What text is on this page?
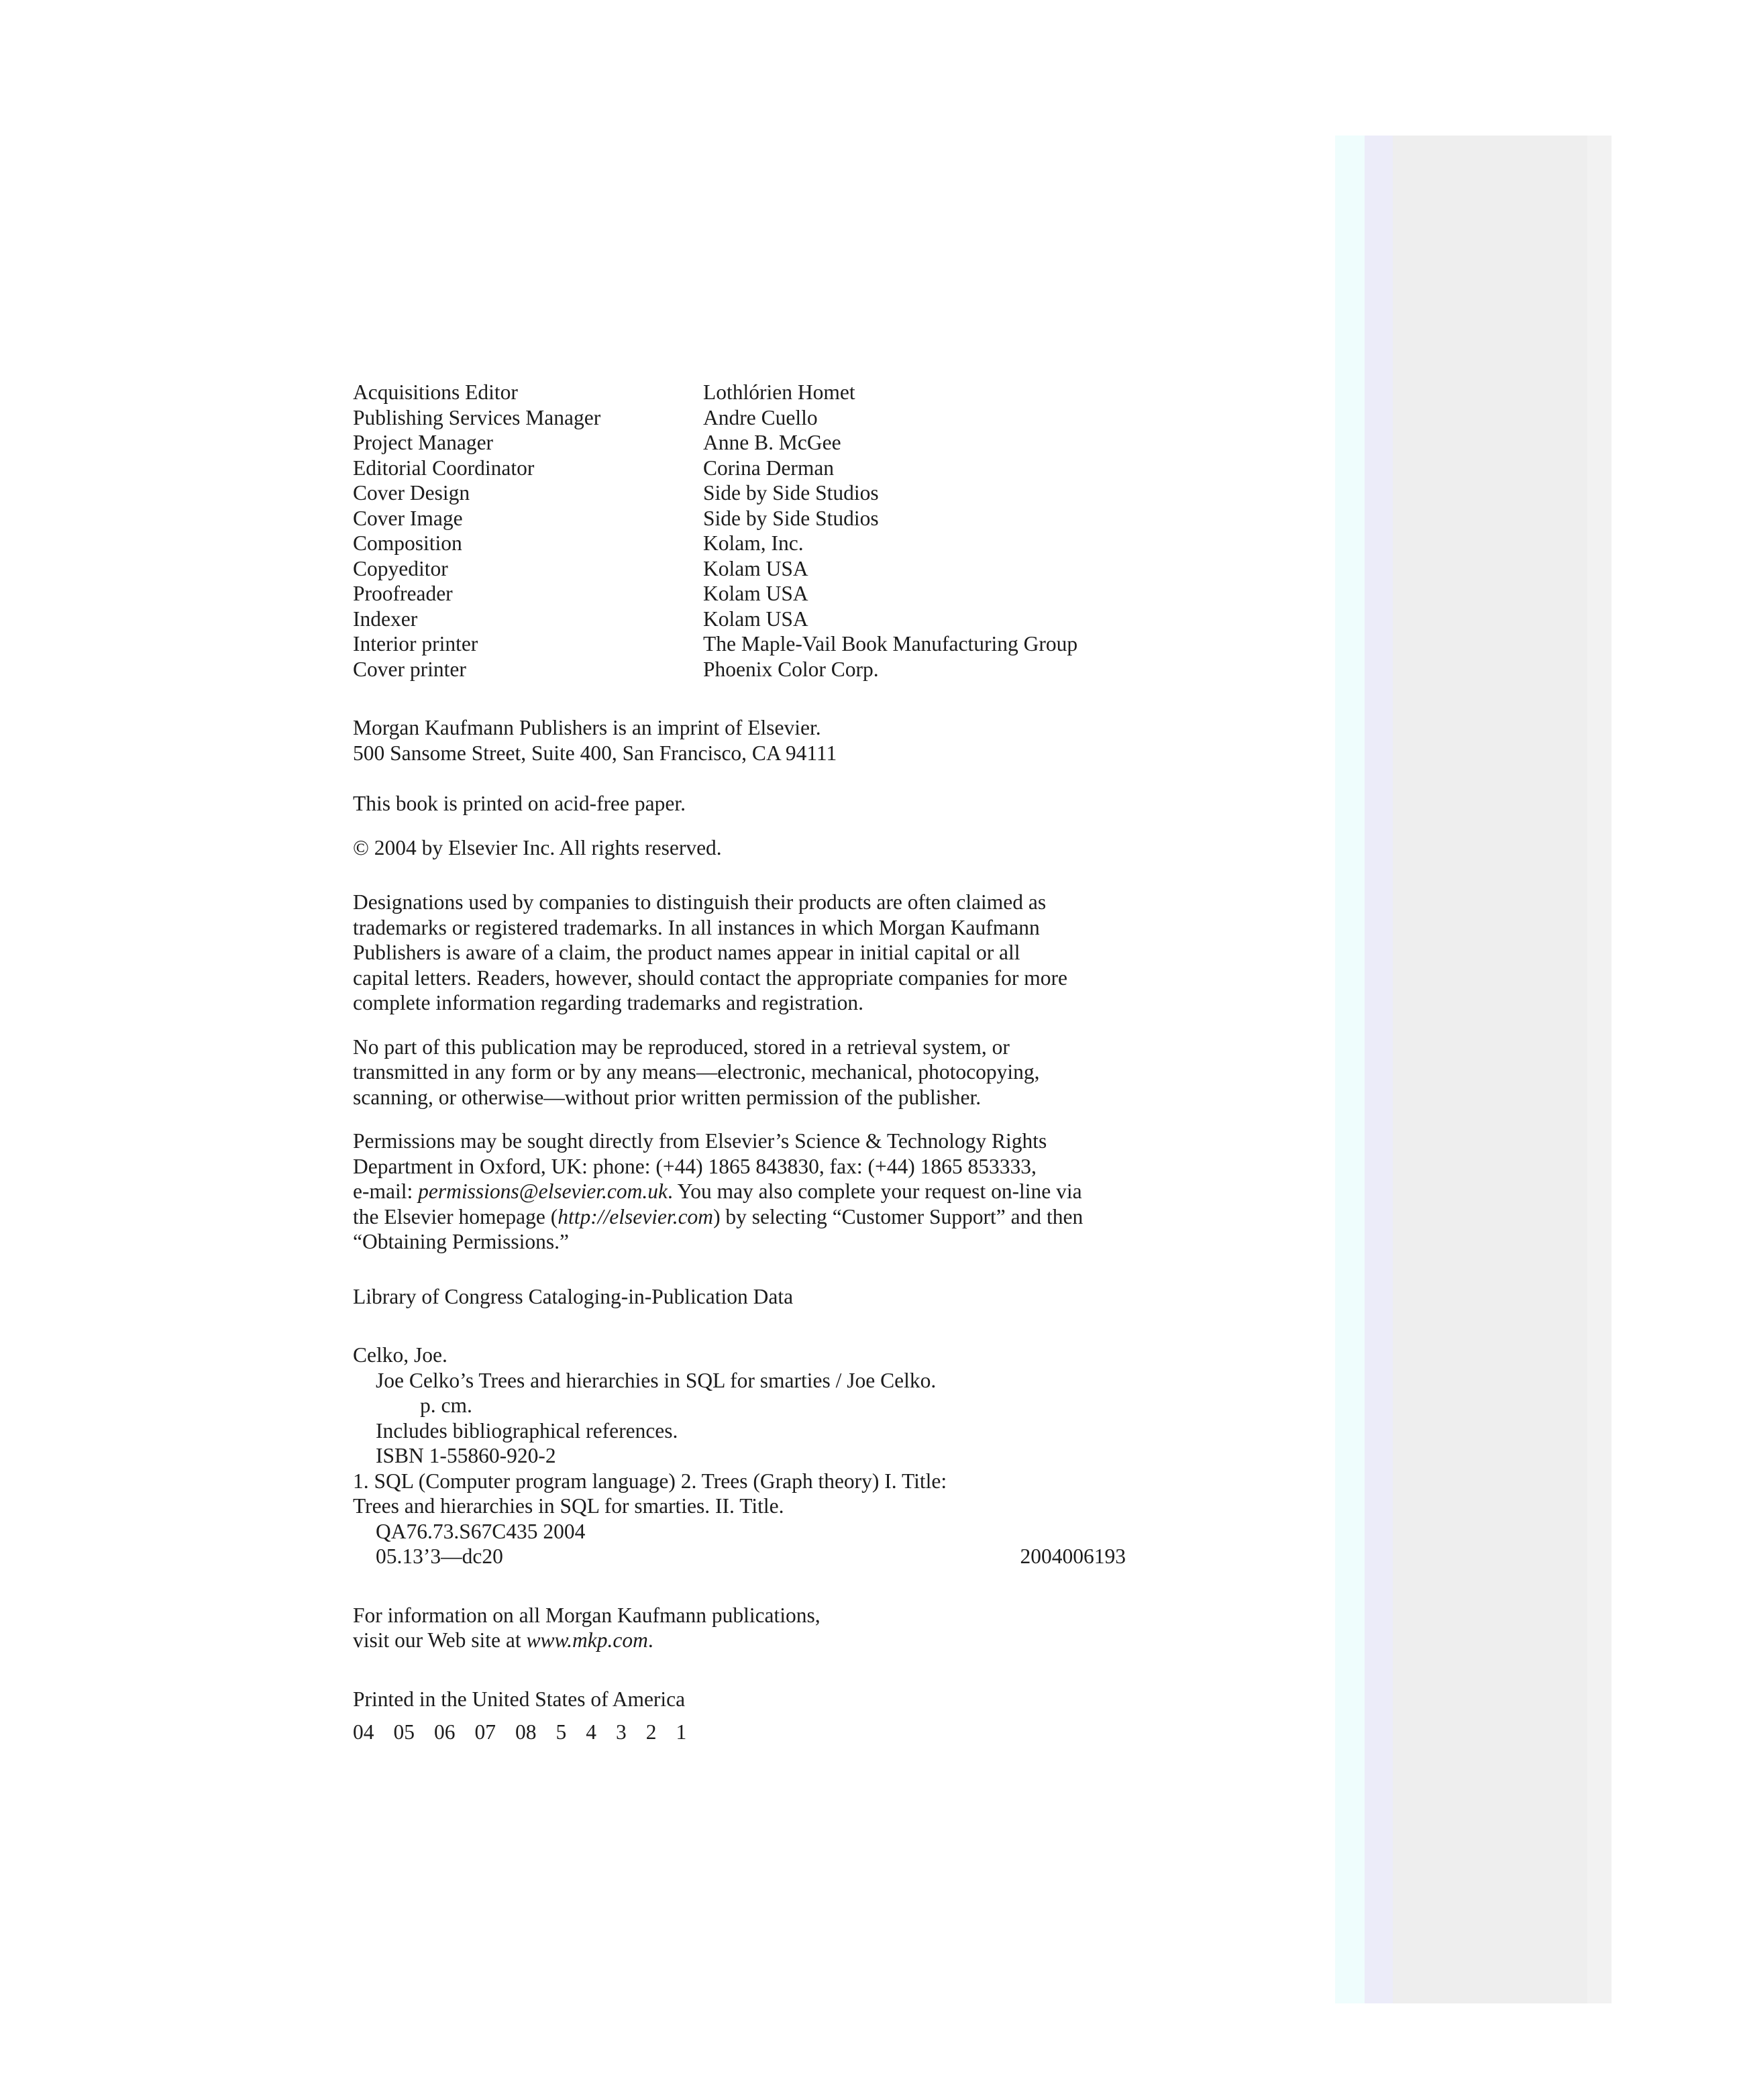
Acquisitions Editor	Lothlórien Homet
Publishing Services Manager	Andre Cuello
Project Manager	Anne B. McGee
Editorial Coordinator	Corina Derman
Cover Design	Side by Side Studios
Cover Image	Side by Side Studios
Composition	Kolam, Inc.
Copyeditor	Kolam USA
Proofreader	Kolam USA
Indexer	Kolam USA
Interior printer	The Maple-Vail Book Manufacturing Group
Cover printer	Phoenix Color Corp.

Morgan Kaufmann Publishers is an imprint of Elsevier.

500 Sansome Street, Suite 400, San Francisco, CA 94111

This book is printed on acid-free paper.

© 2004 by Elsevier Inc. All rights reserved.

Designations used by companies to distinguish their products are often claimed as
trademarks or registered trademarks. In all instances in which Morgan Kaufmann
Publishers is aware of a claim, the product names appear in initial capital or all
capital letters. Readers, however, should contact the appropriate companies for more
complete information regarding trademarks and registration.
No part of this publication may be reproduced, stored in a retrieval system, or
transmitted in any form or by any means—electronic, mechanical, photocopying,
scanning, or otherwise—without prior written permission of the publisher.
Permissions may be sought directly from Elsevier’s Science & Technology Rights
Department in Oxford, UK: phone: (+44) 1865 843830, fax: (+44) 1865 853333,
e-mail: permissions@elsevier.com.uk. You may also complete your request on-line via
the Elsevier homepage (http://elsevier.com) by selecting “Customer Support” and then
“Obtaining Permissions.”

Library of Congress Cataloging-in-Publication Data

Celko, Joe.
Joe Celko’s Trees and hierarchies in SQL for smarties / Joe Celko.
p. cm.
Includes bibliographical references.
ISBN 1-55860-920-2
1. SQL (Computer program language) 2. Trees (Graph theory) I. Title:
Trees and hierarchies in SQL for smarties. II. Title.
QA76.73.S67C435 2004
05.13’3—dc20	2004006193
For information on all Morgan Kaufmann publications,
visit our Web site at www.mkp.com.

Printed in the United States of America

04 05 06 07 08 5 4 3 2 1
